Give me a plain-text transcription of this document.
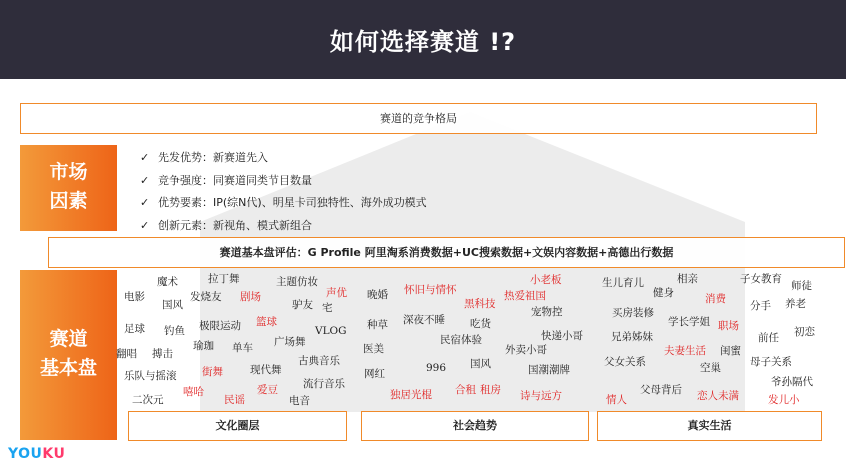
如何选择赛道 !?
赛道的竞争格局
市场
因素
✓ 先发优势：新赛道先入
✓ 竞争强度：同赛道同类节目数量
✓ 优势要素：IP(综N代)、明星卡司独特性、海外成功模式
✓ 创新元素：新视角、模式新组合
赛道基本盘评估：G Profile 阿里淘系消费数据+UC搜索数据+文娱内容数据+高德出行数据
赛道
基本盘
魔术	拉丁舞	主题仿妆
电影	发烧友 剧场	声优
国风	驴友 宅
足球 钓鱼 极限运动 篮球
VLOG
广场舞
翻唱 搏击
瑜珈 单车
古典音乐
乐队与摇滚 街舞	现代舞
流行音乐
嘻哈	爱豆
二次元	民谣	电音
小老板
怀旧与情怀
晚婚
黑科技
热爱祖国
宠物控
种草 深夜不睡 吃货
民宿体验	快递小哥
医美	外卖小哥
996 国风
网红	国潮潮牌
合租 租房
独居光棍	诗与远方
生儿育儿	相亲	子女教育
健身
师徒
消费
分手 养老
买房装修
学长学姐 职场	初恋
兄弟姊妹	前任
夫妻生活 闺蜜
父女关系	空巢	母子关系
爷孙隔代
父母背后
情人	恋人未满	发儿小
文化圈层	社会趋势	真实生活
YOUKU
